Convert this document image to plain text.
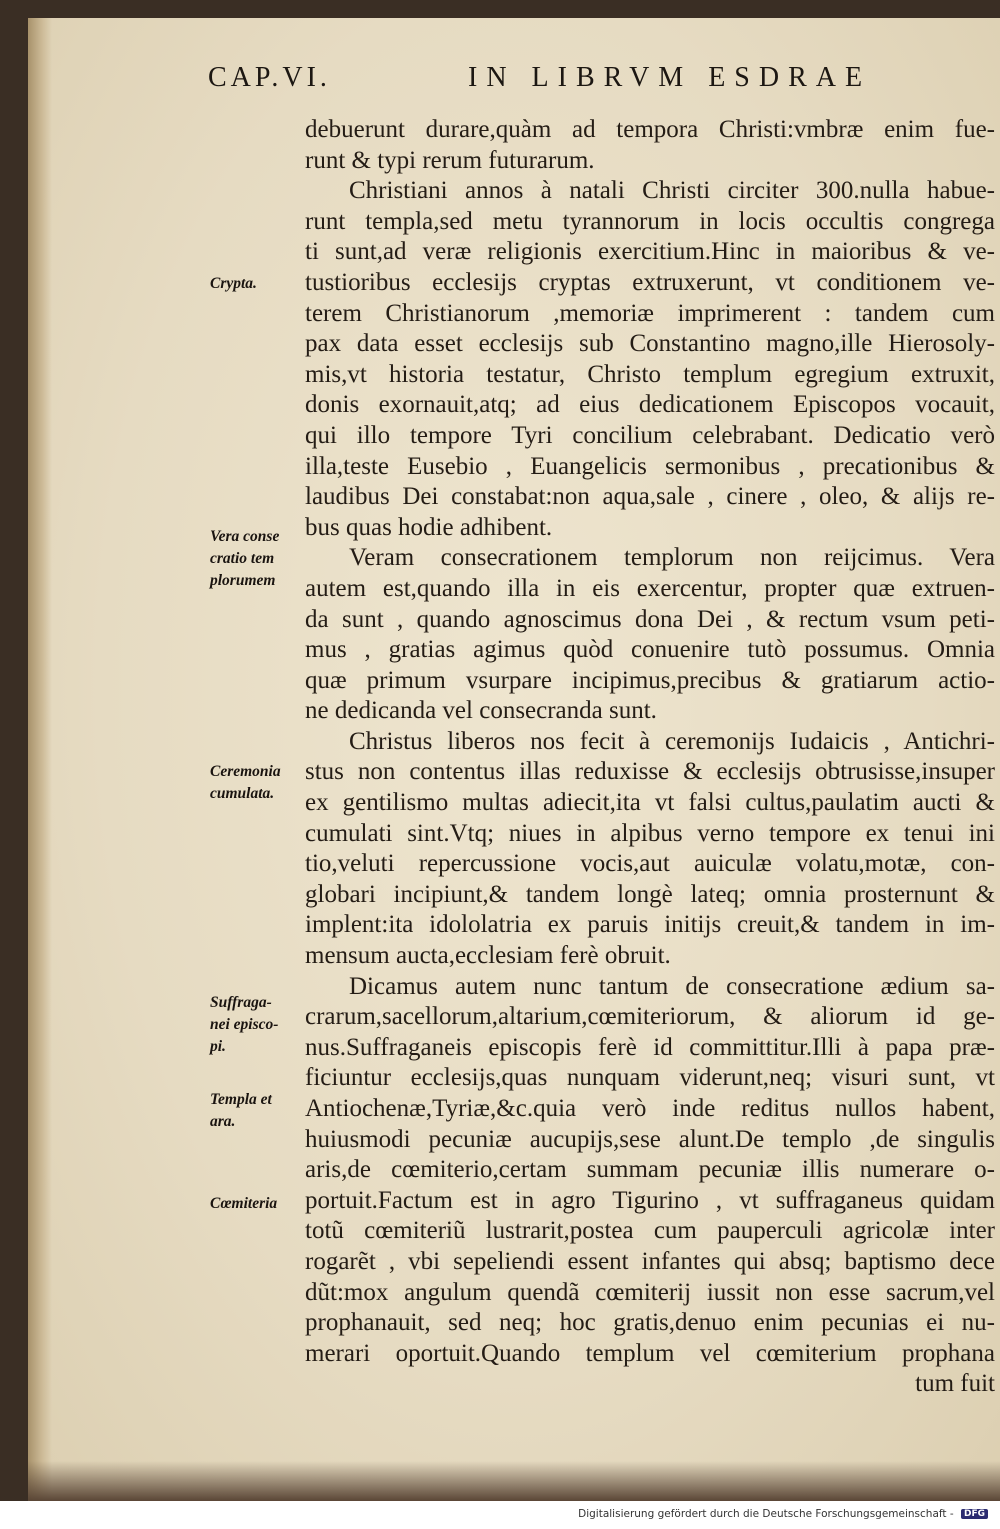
CAP.VI.	IN LIBRVM ESDRAE
Crypta.
Vera conse
cratio tem
plorumem
Ceremonia
cumulata.
Suffraga-
nei episco-
pi.
Templa et
ara.
Cœmiteria
debuerunt durare,quàm ad tempora Christi:vmbræ enim fue-
runt & typi rerum futurarum.
Christiani annos à natali Christi circiter 300.nulla habue-
runt templa,sed metu tyrannorum in locis occultis congrega
ti sunt,ad veræ religionis exercitium.Hinc in maioribus & ve-
tustioribus ecclesijs cryptas extruxerunt, vt conditionem ve-
terem Christianorum ,memoriæ imprimerent : tandem cum
pax data esset ecclesijs sub Constantino magno,ille Hierosoly-
mis,vt historia testatur, Christo templum egregium extruxit,
donis exornauit,atq; ad eius dedicationem Episcopos vocauit,
qui illo tempore Tyri concilium celebrabant. Dedicatio verò
illa,teste Eusebio , Euangelicis sermonibus , precationibus &
laudibus Dei constabat:non aqua,sale , cinere , oleo, & alijs re-
bus quas hodie adhibent.
Veram consecrationem templorum non reijcimus. Vera
autem est,quando illa in eis exercentur, propter quæ extruen-
da sunt , quando agnoscimus dona Dei , & rectum vsum peti-
mus , gratias agimus quòd conuenire tutò possumus. Omnia
quæ primum vsurpare incipimus,precibus & gratiarum actio-
ne dedicanda vel consecranda sunt.
Christus liberos nos fecit à ceremonijs Iudaicis , Antichri-
stus non contentus illas reduxisse & ecclesijs obtrusisse,insuper
ex gentilismo multas adiecit,ita vt falsi cultus,paulatim aucti &
cumulati sint.Vtq; niues in alpibus verno tempore ex tenui ini
tio,veluti repercussione vocis,aut auiculæ volatu,motæ, con-
globari incipiunt,& tandem longè lateq; omnia prosternunt &
implent:ita idololatria ex paruis initijs creuit,& tandem in im-
mensum aucta,ecclesiam ferè obruit.
Dicamus autem nunc tantum de consecratione ædium sa-
crarum,sacellorum,altarium,cœmiteriorum, & aliorum id ge-
nus.Suffraganeis episcopis ferè id committitur.Illi à papa præ-
ficiuntur ecclesijs,quas nunquam viderunt,neq; visuri sunt, vt
Antiochenæ,Tyriæ,&c.quia verò inde reditus nullos habent,
huiusmodi pecuniæ aucupijs,sese alunt.De templo ,de singulis
aris,de cœmiterio,certam summam pecuniæ illis numerare o-
portuit.Factum est in agro Tigurino , vt suffraganeus quidam
totũ cœmiteriũ lustrarit,postea cum pauperculi agricolæ inter
rogarẽt , vbi sepeliendi essent infantes qui absq; baptismo dece
dũt:mox angulum quendã cœmiterij iussit non esse sacrum,vel
prophanauit, sed neq; hoc gratis,denuo enim pecunias ei nu-
merari oportuit.Quando templum vel cœmiterium prophana
tum fuit
Digitalisierung gefördert durch die Deutsche Forschungsgemeinschaft - DFG
